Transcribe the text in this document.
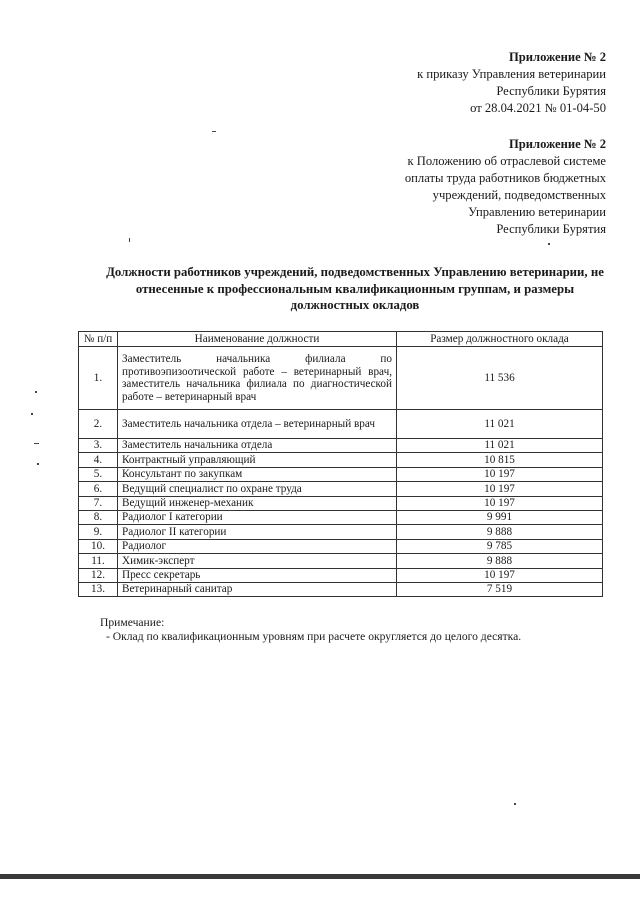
Приложение № 2
к приказу Управления ветеринарии
Республики Бурятия
от 28.04.2021 № 01-04-50
Приложение № 2
к Положению об отраслевой системе
оплаты труда работников бюджетных
учреждений, подведомственных
Управлению ветеринарии
Республики Бурятия
Должности работников учреждений, подведомственных Управлению ветеринарии, не отнесенные к профессиональным квалификационным группам, и размеры должностных окладов
№ п/п	Наименование должности	Размер должностного оклада
1.	Заместитель начальника филиала по противоэпизоотической работе – ветеринарный врач, заместитель начальника филиала по диагностической работе – ветеринарный врач	11 536
2.	Заместитель начальника отдела – ветеринарный врач	11 021
3.	Заместитель начальника отдела	11 021
4.	Контрактный управляющий	10 815
5.	Консультант по закупкам	10 197
6.	Ведущий специалист по охране труда	10 197
7.	Ведущий инженер-механик	10 197
8.	Радиолог I категории	9 991
9.	Радиолог II категории	9 888
10.	Радиолог	9 785
11.	Химик-эксперт	9 888
12.	Пресс секретарь	10 197
13.	Ветеринарный санитар	7 519
Примечание:
- Оклад по квалификационным уровням при расчете округляется до целого десятка.
